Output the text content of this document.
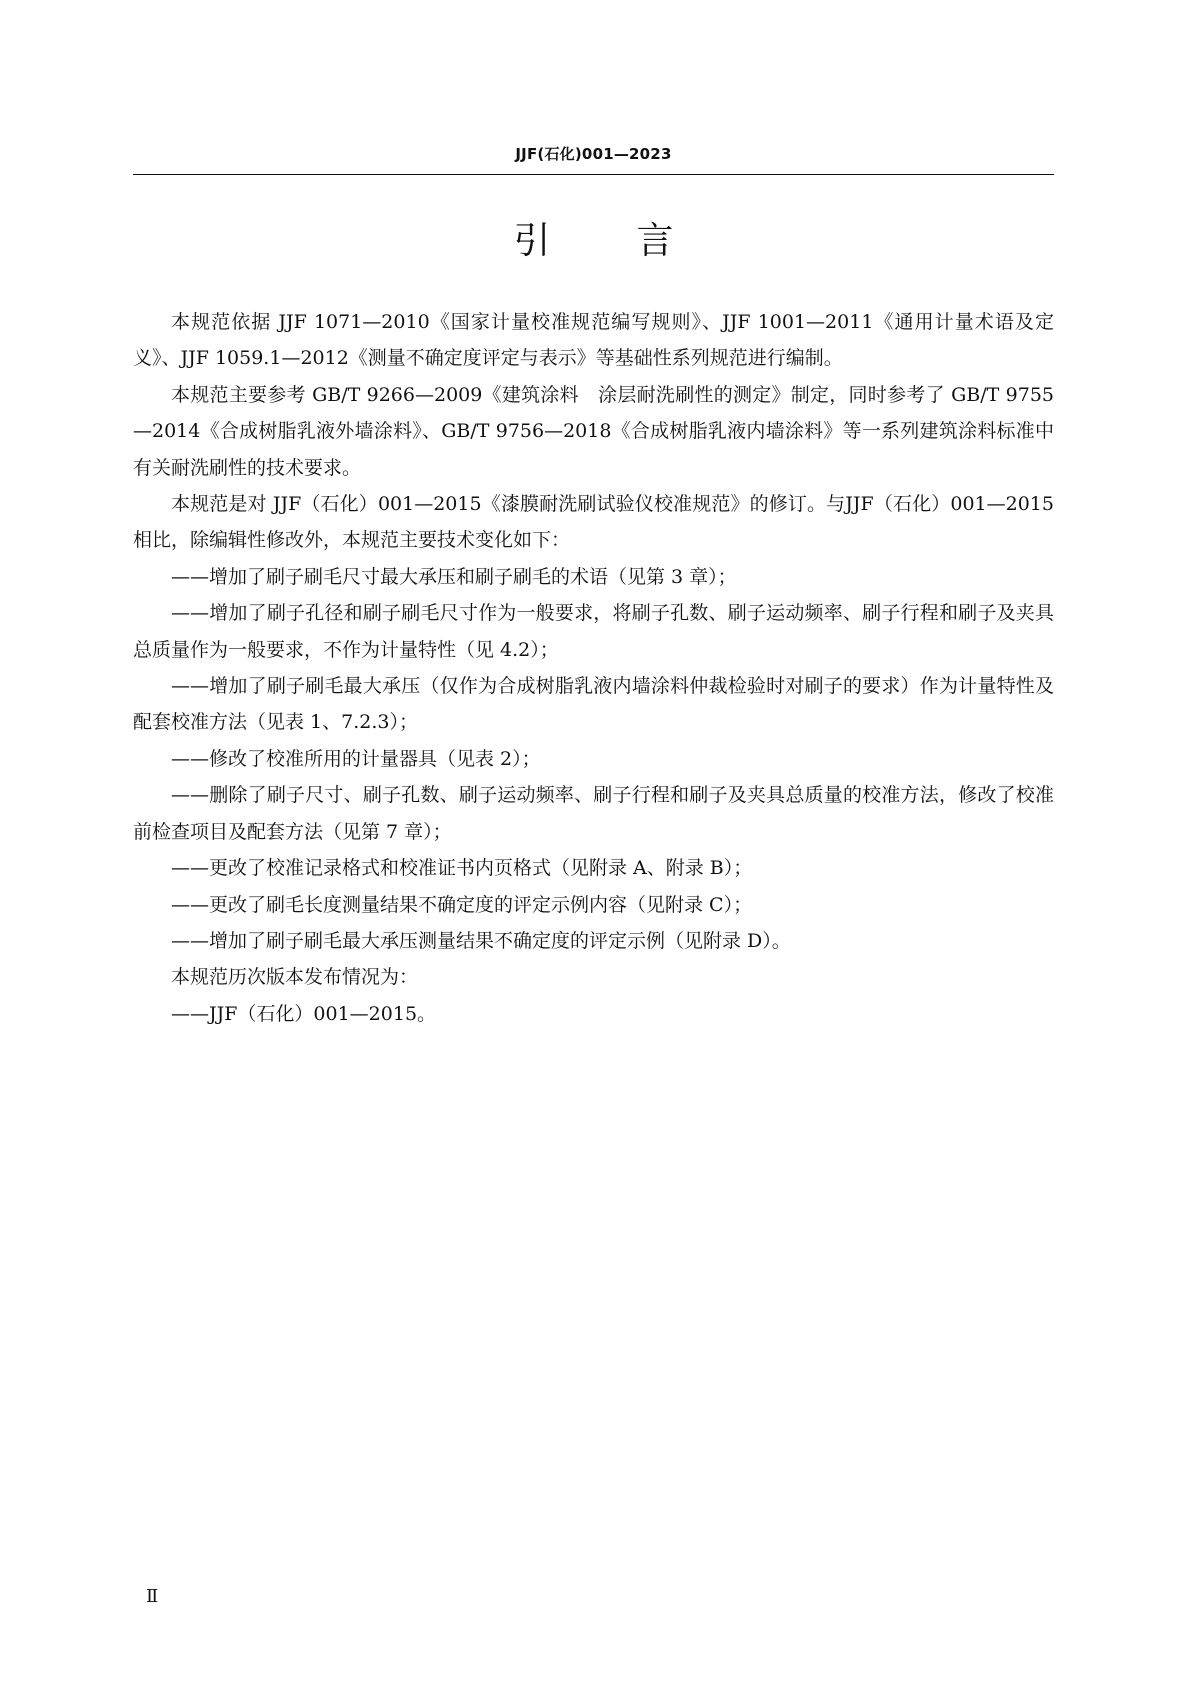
JJF(石化)001—2023
引言

本规范依据 JJF 1071—2010《国家计量校准规范编写规则》、JJF 1001—2011《通用计量术语及定义》、JJF 1059.1—2012《测量不确定度评定与表示》等基础性系列规范进行编制。

本规范主要参考 GB/T 9266—2009《建筑涂料　涂层耐洗刷性的测定》制定，同时参考了 GB/T 9755—2014《合成树脂乳液外墙涂料》、GB/T 9756—2018《合成树脂乳液内墙涂料》等一系列建筑涂料标准中有关耐洗刷性的技术要求。

本规范是对 JJF（石化）001—2015《漆膜耐洗刷试验仪校准规范》的修订。与JJF（石化）001—2015 相比，除编辑性修改外，本规范主要技术变化如下：

——增加了刷子刷毛尺寸最大承压和刷子刷毛的术语（见第 3 章）；

——增加了刷子孔径和刷子刷毛尺寸作为一般要求，将刷子孔数、刷子运动频率、刷子行程和刷子及夹具总质量作为一般要求，不作为计量特性（见 4.2）；

——增加了刷子刷毛最大承压（仅作为合成树脂乳液内墙涂料仲裁检验时对刷子的要求）作为计量特性及配套校准方法（见表 1、7.2.3）；

——修改了校准所用的计量器具（见表 2）；

——删除了刷子尺寸、刷子孔数、刷子运动频率、刷子行程和刷子及夹具总质量的校准方法，修改了校准前检查项目及配套方法（见第 7 章）；

——更改了校准记录格式和校准证书内页格式（见附录 A、附录 B）；

——更改了刷毛长度测量结果不确定度的评定示例内容（见附录 C）；

——增加了刷子刷毛最大承压测量结果不确定度的评定示例（见附录 D）。

本规范历次版本发布情况为：

——JJF（石化）001—2015。

Ⅱ
